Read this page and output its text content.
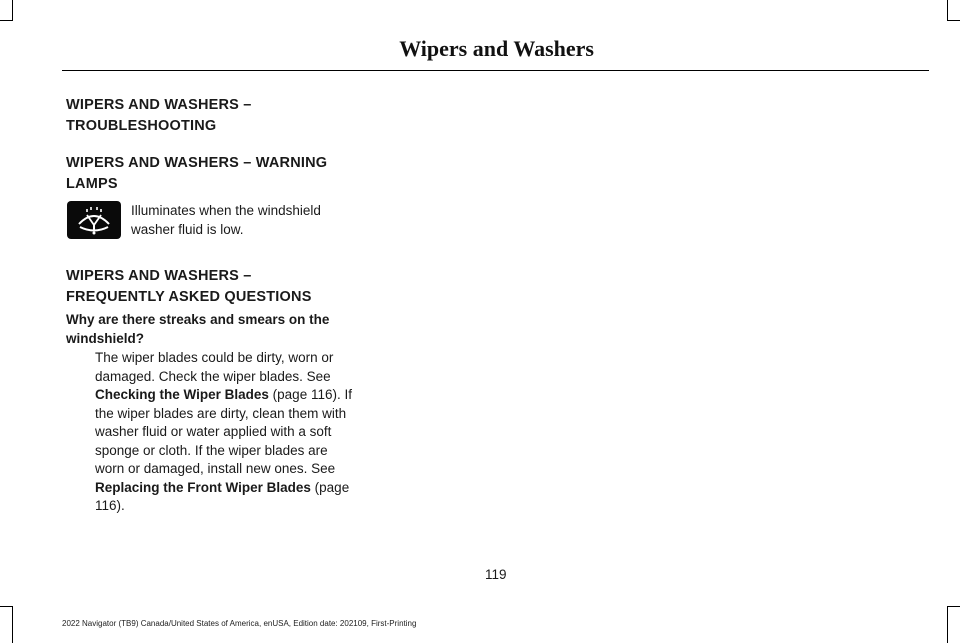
Wipers and Washers
WIPERS AND WASHERS –
TROUBLESHOOTING
WIPERS AND WASHERS – WARNING
LAMPS
Illuminates when the windshield washer fluid is low.
WIPERS AND WASHERS –
FREQUENTLY ASKED QUESTIONS
Why are there streaks and smears on the windshield?
The wiper blades could be dirty, worn or damaged. Check the wiper blades. See Checking the Wiper Blades (page 116). If the wiper blades are dirty, clean them with washer fluid or water applied with a soft sponge or cloth. If the wiper blades are worn or damaged, install new ones. See Replacing the Front Wiper Blades (page 116).
119
2022 Navigator (TB9) Canada/United States of America, enUSA, Edition date: 202109, First-Printing
